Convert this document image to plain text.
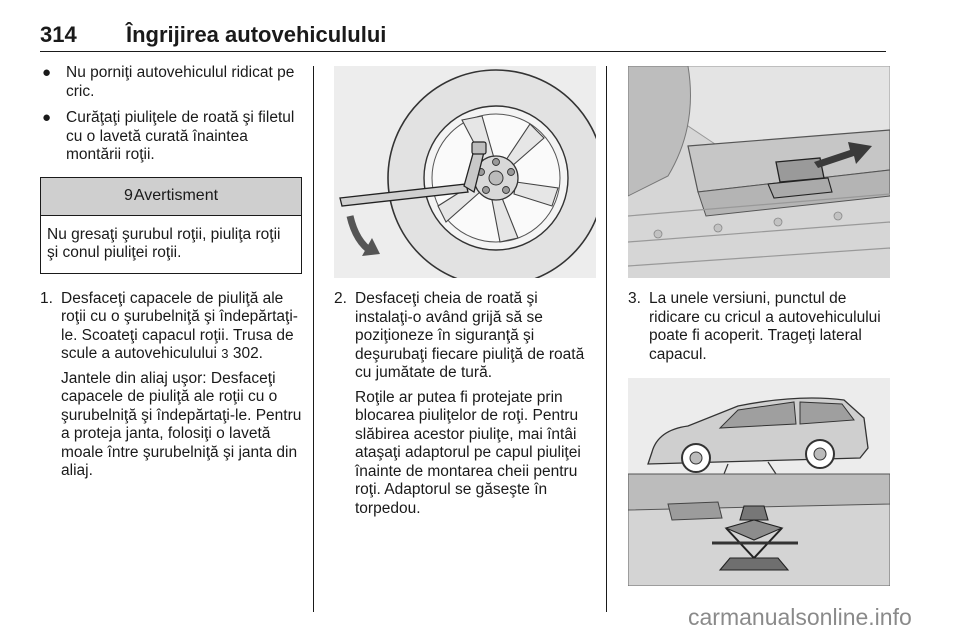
314 Îngrijirea autovehiculului
● Nu porniţi autovehiculul ridicat pe cric.
● Curăţaţi piuliţele de roată şi filetul cu o lavetă curată înaintea montării roţii.
9 Avertisment
Nu gresaţi şurubul roţii, piuliţa roţii şi conul piuliţei roţii.
1. Desfaceţi capacele de piuliţă ale roţii cu o şurubelniţă şi îndepărtaţi-le. Scoateţi capacul roţii. Trusa de scule a autovehiculului 3 302.
Jantele din aliaj uşor: Desfaceţi capacele de piuliţă ale roţii cu o şurubelniţă şi îndepărtaţi-le. Pentru a proteja janta, folosiţi o lavetă moale între şurubelniţă şi janta din aliaj.
2. Desfaceţi cheia de roată şi instalaţi-o având grijă să se poziţioneze în siguranţă şi deşurubaţi fiecare piuliţă de roată cu jumătate de tură.
Roţile ar putea fi protejate prin blocarea piuliţelor de roţi. Pentru slăbirea acestor piuliţe, mai întâi ataşaţi adaptorul pe capul piuliţei înainte de montarea cheii pentru roţi. Adaptorul se găseşte în torpedou.
3. La unele versiuni, punctul de ridicare cu cricul a autovehiculului poate fi acoperit. Trageţi lateral capacul.
carmanualsonline.info
